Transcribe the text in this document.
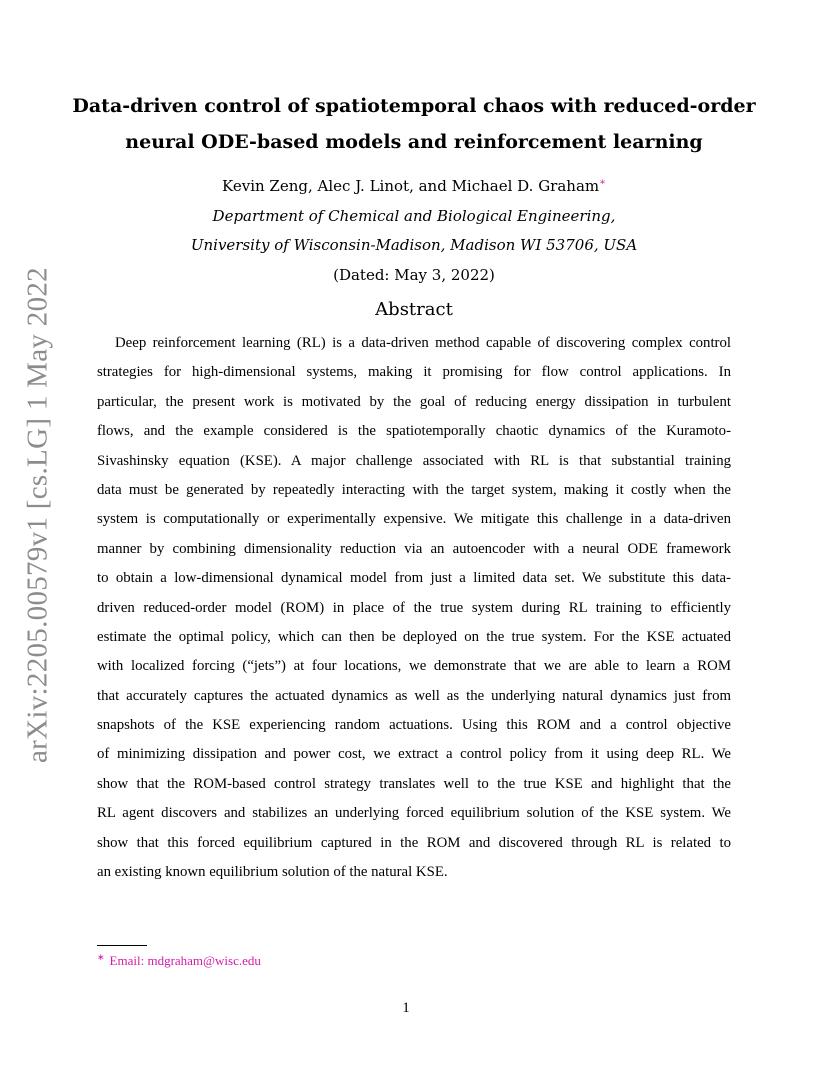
arXiv:2205.00579v1 [cs.LG] 1 May 2022
Data-driven control of spatiotemporal chaos with reduced-order
neural ODE-based models and reinforcement learning
Kevin Zeng, Alec J. Linot, and Michael D. Graham∗
Department of Chemical and Biological Engineering,
University of Wisconsin-Madison, Madison WI 53706, USA
(Dated: May 3, 2022)
Abstract
Deep reinforcement learning (RL) is a data-driven method capable of discovering complex control
strategies for high-dimensional systems, making it promising for flow control applications. In
particular, the present work is motivated by the goal of reducing energy dissipation in turbulent
flows, and the example considered is the spatiotemporally chaotic dynamics of the Kuramoto-
Sivashinsky equation (KSE). A major challenge associated with RL is that substantial training
data must be generated by repeatedly interacting with the target system, making it costly when the
system is computationally or experimentally expensive. We mitigate this challenge in a data-driven
manner by combining dimensionality reduction via an autoencoder with a neural ODE framework
to obtain a low-dimensional dynamical model from just a limited data set. We substitute this data-
driven reduced-order model (ROM) in place of the true system during RL training to efficiently
estimate the optimal policy, which can then be deployed on the true system. For the KSE actuated
with localized forcing (“jets”) at four locations, we demonstrate that we are able to learn a ROM
that accurately captures the actuated dynamics as well as the underlying natural dynamics just from
snapshots of the KSE experiencing random actuations. Using this ROM and a control objective
of minimizing dissipation and power cost, we extract a control policy from it using deep RL. We
show that the ROM-based control strategy translates well to the true KSE and highlight that the
RL agent discovers and stabilizes an underlying forced equilibrium solution of the KSE system. We
show that this forced equilibrium captured in the ROM and discovered through RL is related to
an existing known equilibrium solution of the natural KSE.
∗ Email: mdgraham@wisc.edu
1
